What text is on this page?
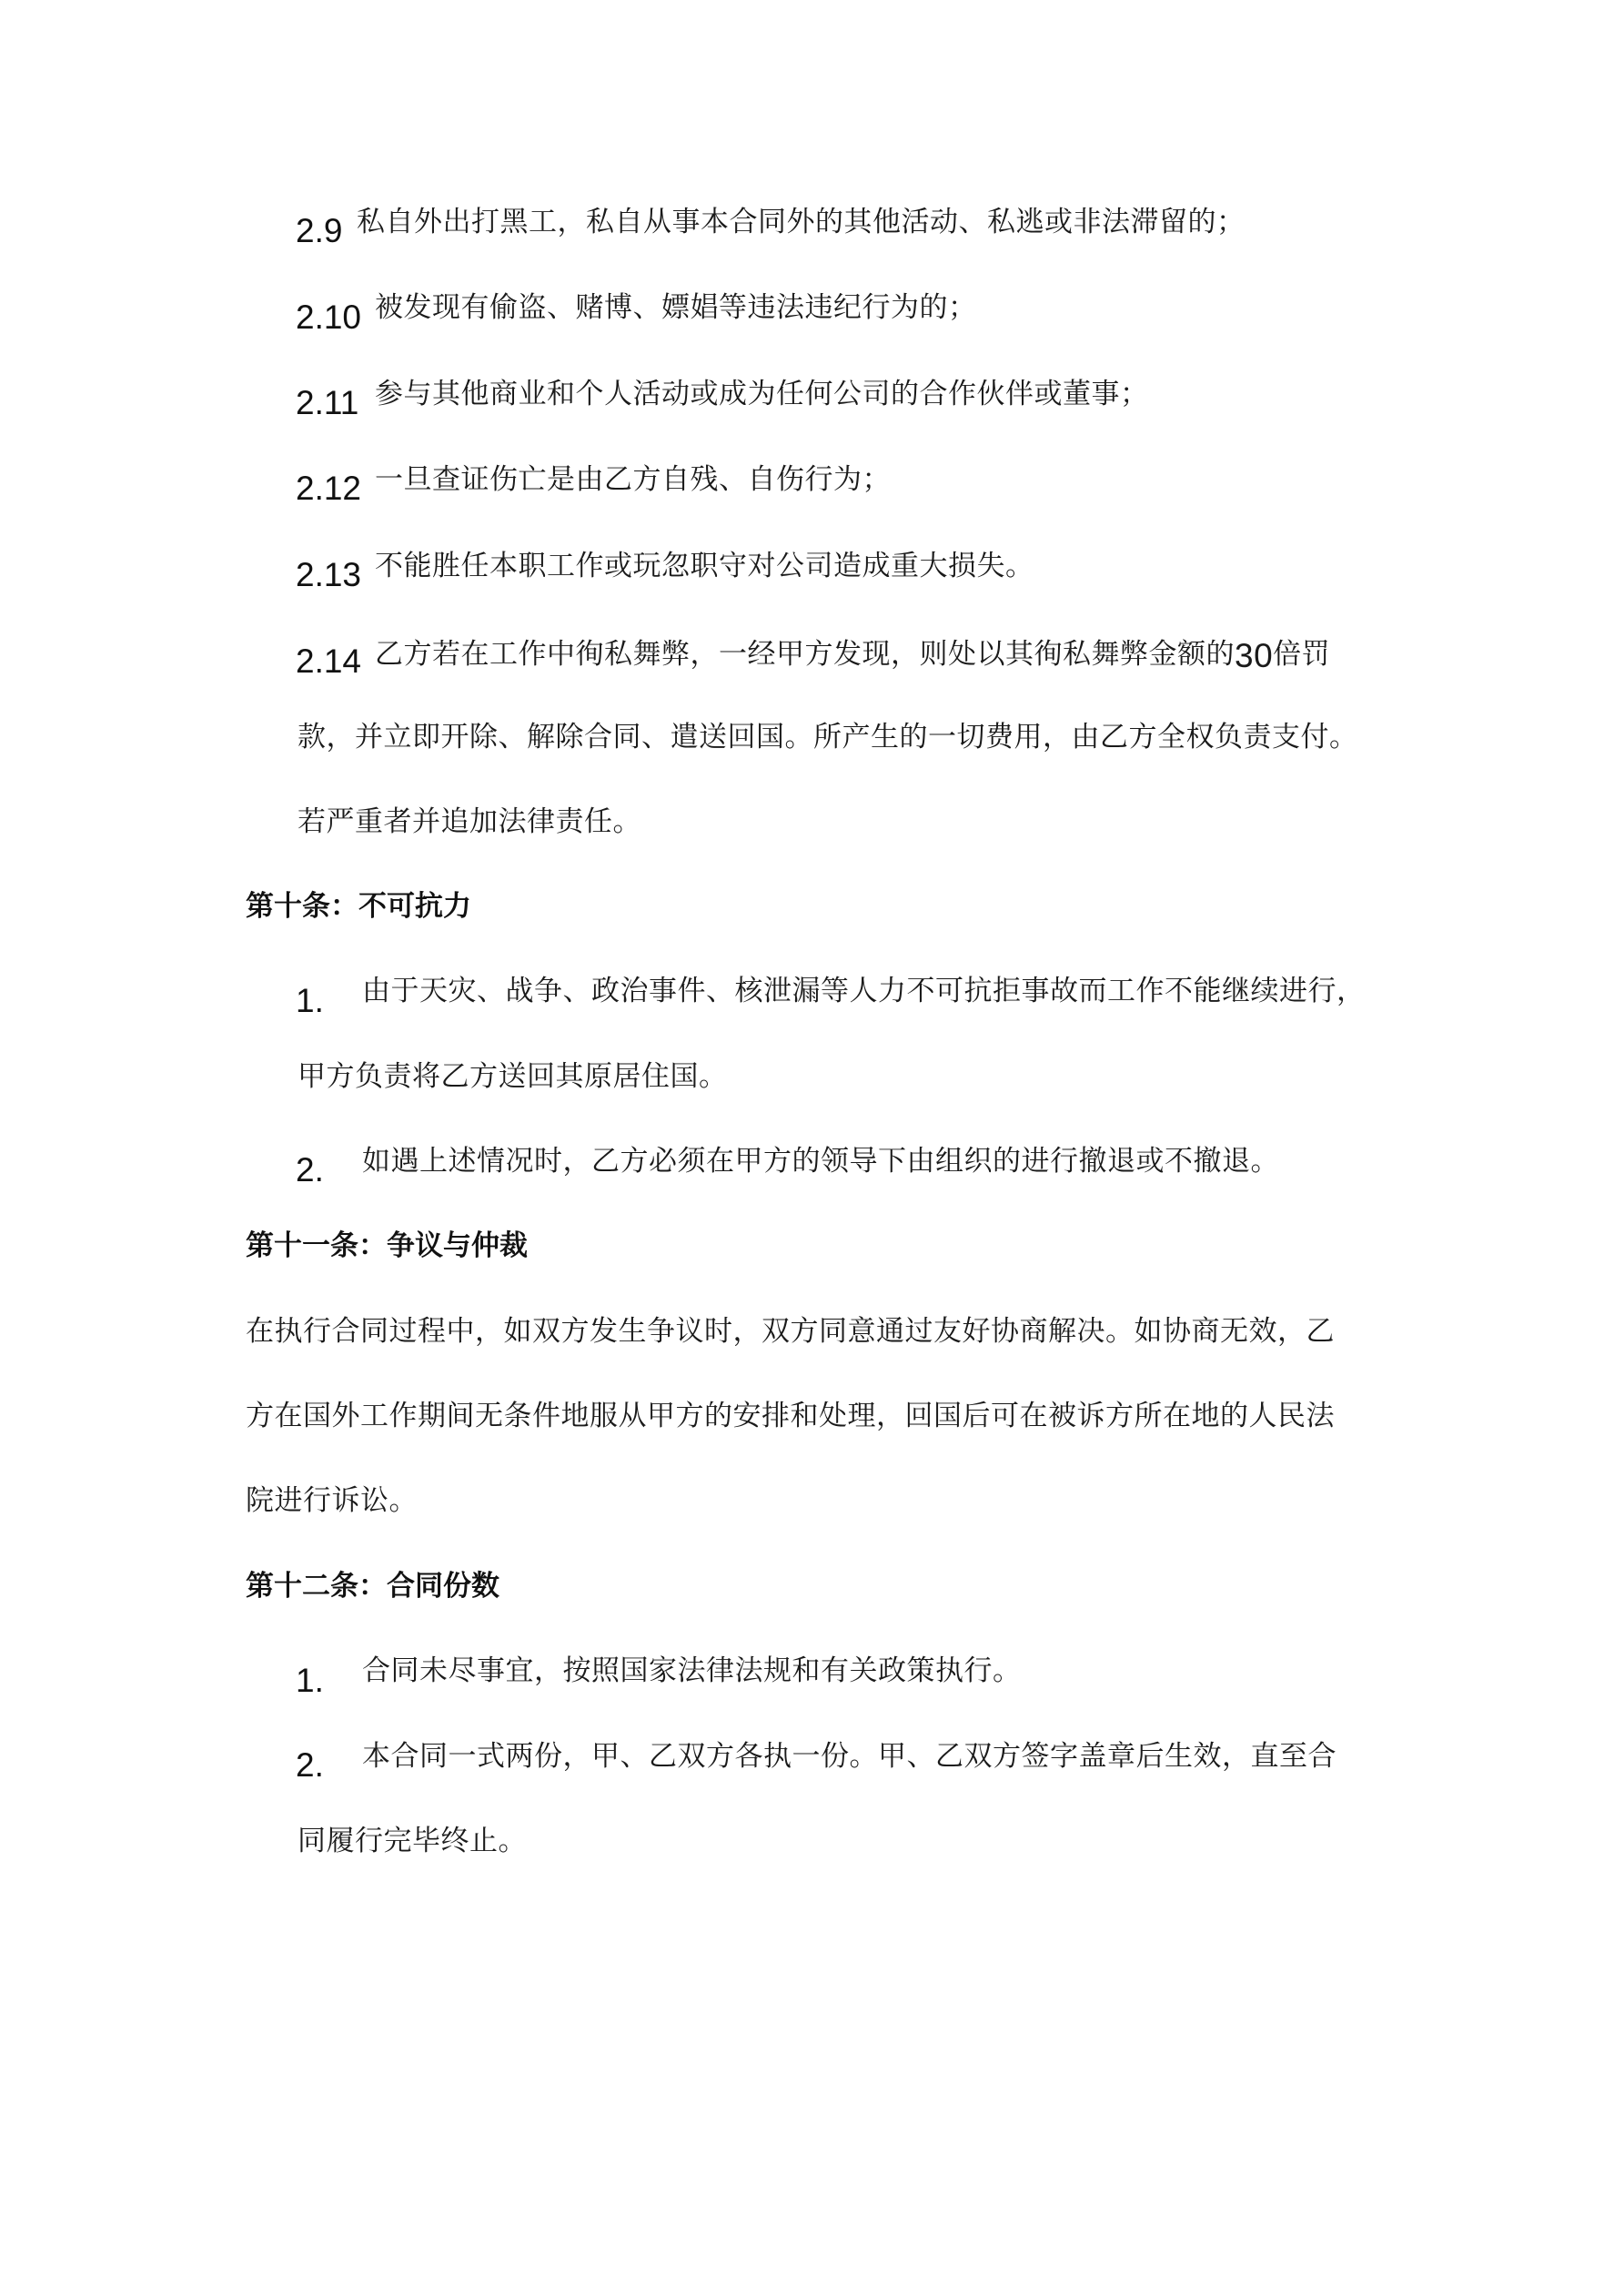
2.9 私自外出打黑工，私自从事本合同外的其他活动、私逃或非法滞留的；
2.10 被发现有偷盗、赌博、嫖娼等违法违纪行为的；
2.11 参与其他商业和个人活动或成为任何公司的合作伙伴或董事；
2.12 一旦查证伤亡是由乙方自残、自伤行为；
2.13 不能胜任本职工作或玩忽职守对公司造成重大损失。
2.14 乙方若在工作中徇私舞弊，一经甲方发现，则处以其徇私舞弊金额的30倍罚
款，并立即开除、解除合同、遣送回国。所产生的一切费用，由乙方全权负责支付。
若严重者并追加法律责任。
第十条：不可抗力
1. 由于天灾、战争、政治事件、核泄漏等人力不可抗拒事故而工作不能继续进行，
甲方负责将乙方送回其原居住国。
2. 如遇上述情况时，乙方必须在甲方的领导下由组织的进行撤退或不撤退。
第十一条：争议与仲裁
在执行合同过程中，如双方发生争议时，双方同意通过友好协商解决。如协商无效，乙
方在国外工作期间无条件地服从甲方的安排和处理，回国后可在被诉方所在地的人民法
院进行诉讼。
第十二条：合同份数
1. 合同未尽事宜，按照国家法律法规和有关政策执行。
2. 本合同一式两份，甲、乙双方各执一份。甲、乙双方签字盖章后生效，直至合
同履行完毕终止。
